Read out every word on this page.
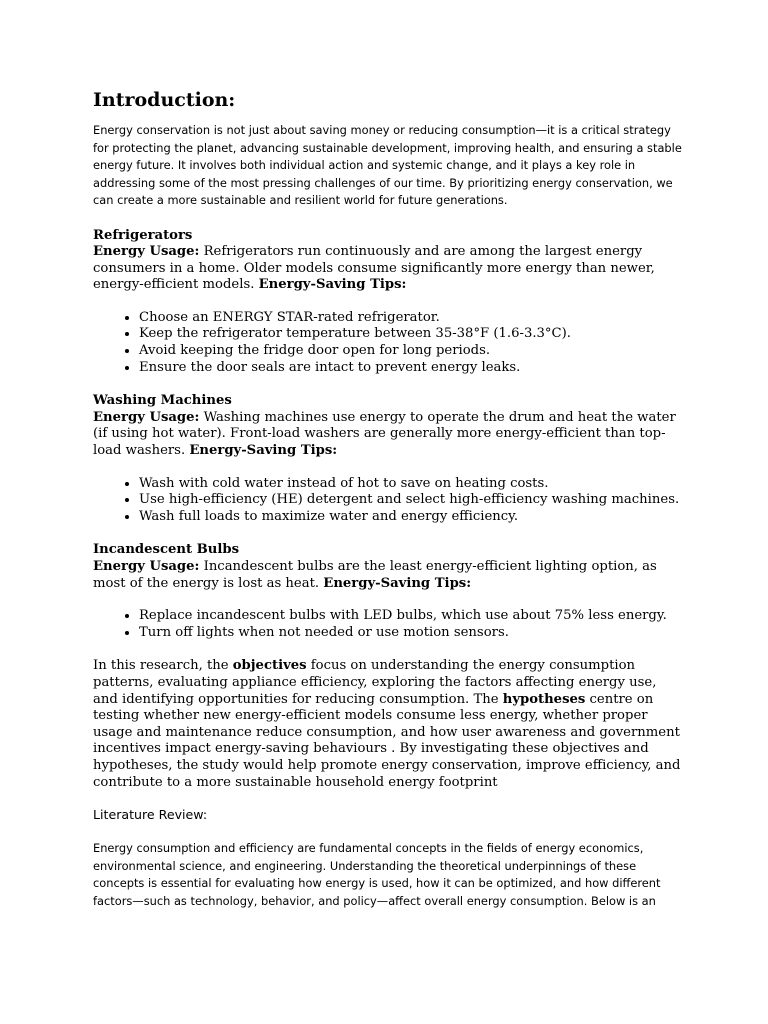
Introduction:

Energy conservation is not just about saving money or reducing consumption—it is a critical strategy for protecting the planet, advancing sustainable development, improving health, and ensuring a stable energy future. It involves both individual action and systemic change, and it plays a key role in addressing some of the most pressing challenges of our time. By prioritizing energy conservation, we can create a more sustainable and resilient world for future generations.

Refrigerators

Energy Usage: Refrigerators run continuously and are among the largest energy consumers in a home. Older models consume significantly more energy than newer, energy-efficient models. Energy-Saving Tips:

• Choose an ENERGY STAR-rated refrigerator.
• Keep the refrigerator temperature between 35-38°F (1.6-3.3°C).
• Avoid keeping the fridge door open for long periods.
• Ensure the door seals are intact to prevent energy leaks.

Washing Machines

Energy Usage: Washing machines use energy to operate the drum and heat the water (if using hot water). Front-load washers are generally more energy-efficient than top-load washers. Energy-Saving Tips:

• Wash with cold water instead of hot to save on heating costs.
• Use high-efficiency (HE) detergent and select high-efficiency washing machines.
• Wash full loads to maximize water and energy efficiency.

Incandescent Bulbs

Energy Usage: Incandescent bulbs are the least energy-efficient lighting option, as most of the energy is lost as heat. Energy-Saving Tips:

• Replace incandescent bulbs with LED bulbs, which use about 75% less energy.
• Turn off lights when not needed or use motion sensors.

In this research, the objectives focus on understanding the energy consumption patterns, evaluating appliance efficiency, exploring the factors affecting energy use, and identifying opportunities for reducing consumption. The hypotheses centre on testing whether new energy-efficient models consume less energy, whether proper usage and maintenance reduce consumption, and how user awareness and government incentives impact energy-saving behaviours . By investigating these objectives and hypotheses, the study would help promote energy conservation, improve efficiency, and contribute to a more sustainable household energy footprint

Literature Review:

Energy consumption and efficiency are fundamental concepts in the fields of energy economics, environmental science, and engineering. Understanding the theoretical underpinnings of these concepts is essential for evaluating how energy is used, how it can be optimized, and how different factors—such as technology, behavior, and policy—affect overall energy consumption. Below is an
